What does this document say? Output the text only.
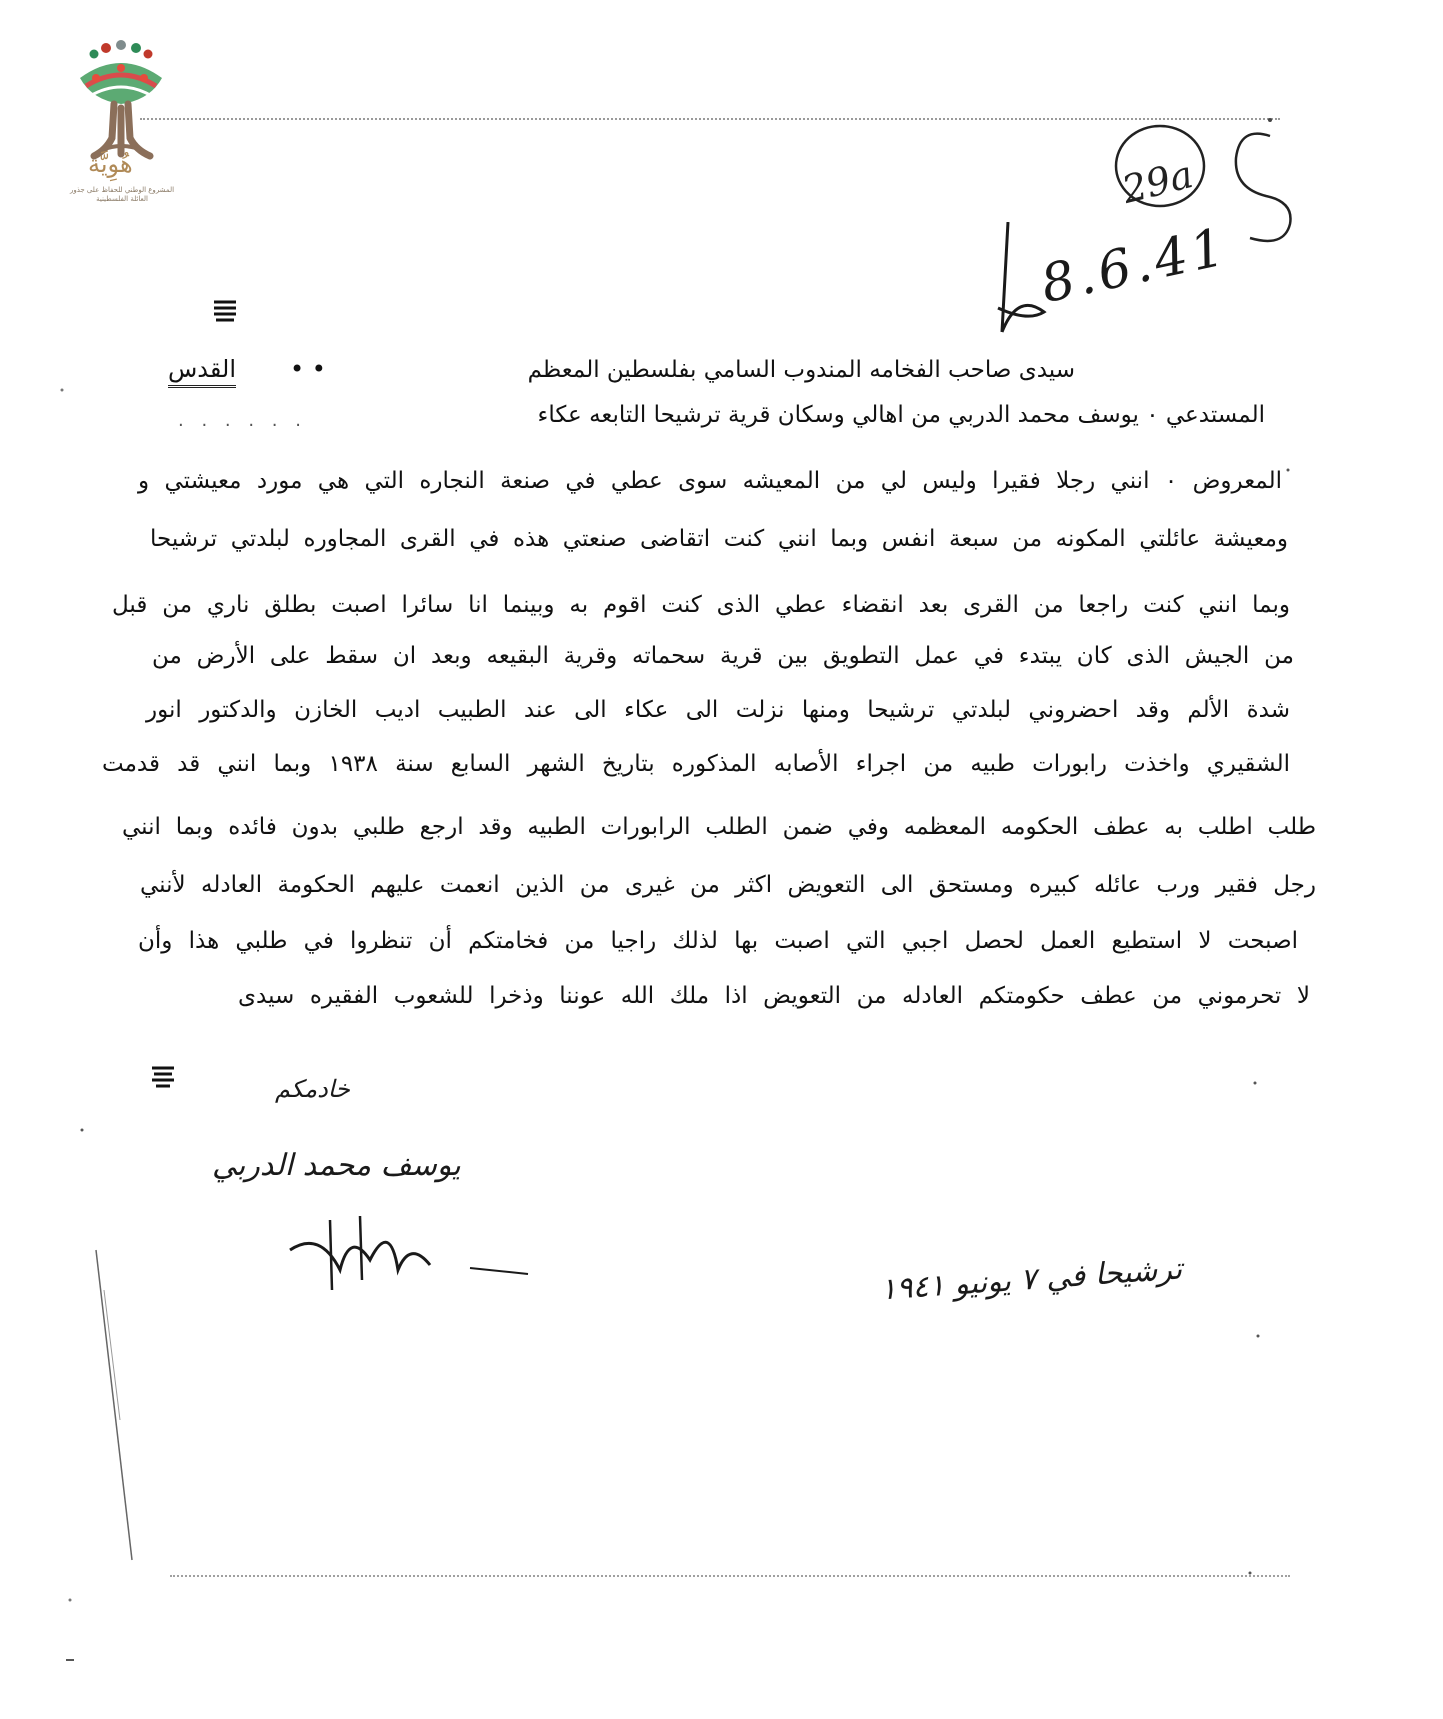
هُوِيَّة
المشروع الوطني للحفاظ على جذور العائلة الفلسطينية	29a
8.6.41
سيدى صاحب الفخامه المندوب السامي بفلسطين المعظم
• •
القدس
المستدعي ٠ يوسف محمد الدربي من اهالي وسكان قرية ترشيحا التابعه عكاء
. . . . . .
المعروض ٠ انني رجلا فقيرا وليس لي من المعيشه سوى عطي في صنعة النجاره التي هي مورد معيشتي و
ومعيشة عائلتي المكونه من سبعة انفس وبما انني كنت اتقاضى صنعتي هذه في القرى المجاوره لبلدتي ترشيحا
وبما انني كنت راجعا من القرى بعد انقضاء عطي الذى كنت اقوم به وبينما انا سائرا اصبت بطلق ناري من قبل
من الجيش الذى كان يبتدء في عمل التطويق بين قرية سحماته وقرية البقيعه وبعد ان سقط على الأرض من
شدة الألم وقد احضروني لبلدتي ترشيحا ومنها نزلت الى عكاء الى عند الطبيب اديب الخازن والدكتور انور
الشقيري واخذت رابورات طبيه من اجراء الأصابه المذكوره بتاريخ الشهر السابع سنة ١٩٣٨ وبما انني قد قدمت
طلب اطلب به عطف الحكومه المعظمه وفي ضمن الطلب الرابورات الطبيه وقد ارجع طلبي بدون فائده وبما انني
رجل فقير ورب عائله كبيره ومستحق الى التعويض اكثر من غيرى من الذين انعمت عليهم الحكومة العادله لأنني
اصبحت لا استطيع العمل لحصل اجبي التي اصبت بها لذلك راجيا من فخامتكم أن تنظروا في طلبي هذا وأن
لا تحرموني من عطف حكومتكم العادله من التعويض اذا ملك الله عوننا وذخرا للشعوب الفقيره سيدى
خادمكم
يوسف محمد الدربي
ترشيحا في ٧ يونيو ١٩٤١
